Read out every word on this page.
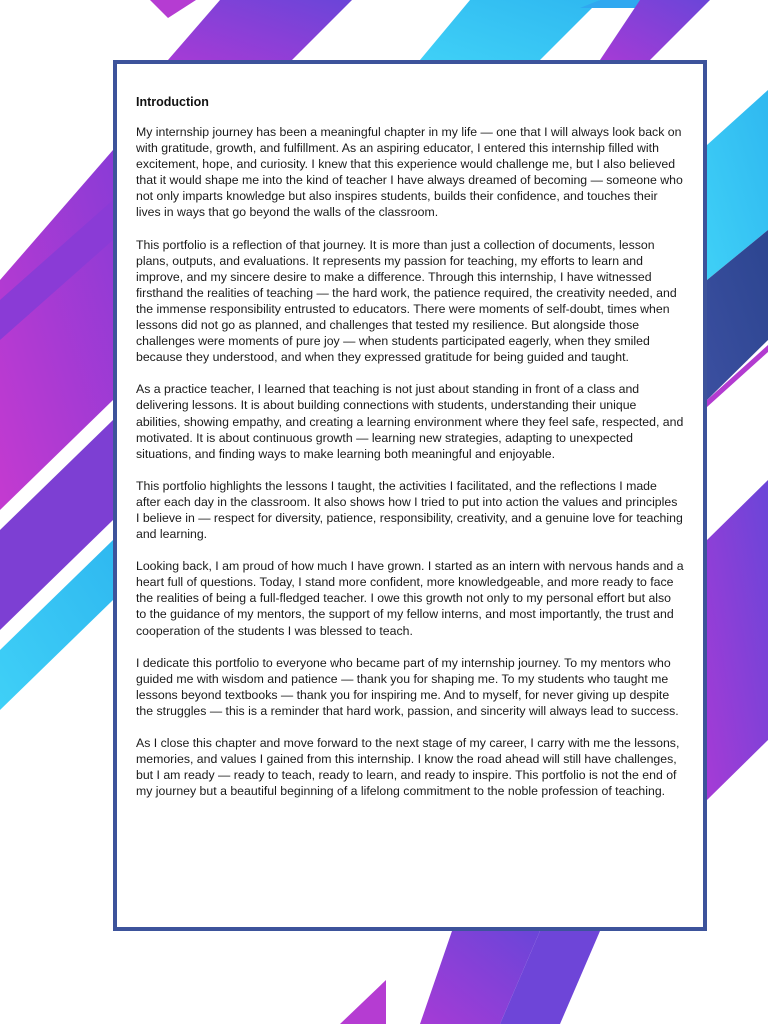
Introduction

My internship journey has been a meaningful chapter in my life — one that I will always look back on with gratitude, growth, and fulfillment. As an aspiring educator, I entered this internship filled with excitement, hope, and curiosity. I knew that this experience would challenge me, but I also believed that it would shape me into the kind of teacher I have always dreamed of becoming — someone who not only imparts knowledge but also inspires students, builds their confidence, and touches their lives in ways that go beyond the walls of the classroom.

This portfolio is a reflection of that journey. It is more than just a collection of documents, lesson plans, outputs, and evaluations. It represents my passion for teaching, my efforts to learn and improve, and my sincere desire to make a difference. Through this internship, I have witnessed firsthand the realities of teaching — the hard work, the patience required, the creativity needed, and the immense responsibility entrusted to educators. There were moments of self-doubt, times when lessons did not go as planned, and challenges that tested my resilience. But alongside those challenges were moments of pure joy — when students participated eagerly, when they smiled because they understood, and when they expressed gratitude for being guided and taught.

As a practice teacher, I learned that teaching is not just about standing in front of a class and delivering lessons. It is about building connections with students, understanding their unique abilities, showing empathy, and creating a learning environment where they feel safe, respected, and motivated. It is about continuous growth — learning new strategies, adapting to unexpected situations, and finding ways to make learning both meaningful and enjoyable.

This portfolio highlights the lessons I taught, the activities I facilitated, and the reflections I made after each day in the classroom. It also shows how I tried to put into action the values and principles I believe in — respect for diversity, patience, responsibility, creativity, and a genuine love for teaching and learning.

Looking back, I am proud of how much I have grown. I started as an intern with nervous hands and a heart full of questions. Today, I stand more confident, more knowledgeable, and more ready to face the realities of being a full-fledged teacher. I owe this growth not only to my personal effort but also to the guidance of my mentors, the support of my fellow interns, and most importantly, the trust and cooperation of the students I was blessed to teach.

I dedicate this portfolio to everyone who became part of my internship journey. To my mentors who guided me with wisdom and patience — thank you for shaping me. To my students who taught me lessons beyond textbooks — thank you for inspiring me. And to myself, for never giving up despite the struggles — this is a reminder that hard work, passion, and sincerity will always lead to success.

As I close this chapter and move forward to the next stage of my career, I carry with me the lessons, memories, and values I gained from this internship. I know the road ahead will still have challenges, but I am ready — ready to teach, ready to learn, and ready to inspire. This portfolio is not the end of my journey but a beautiful beginning of a lifelong commitment to the noble profession of teaching.
